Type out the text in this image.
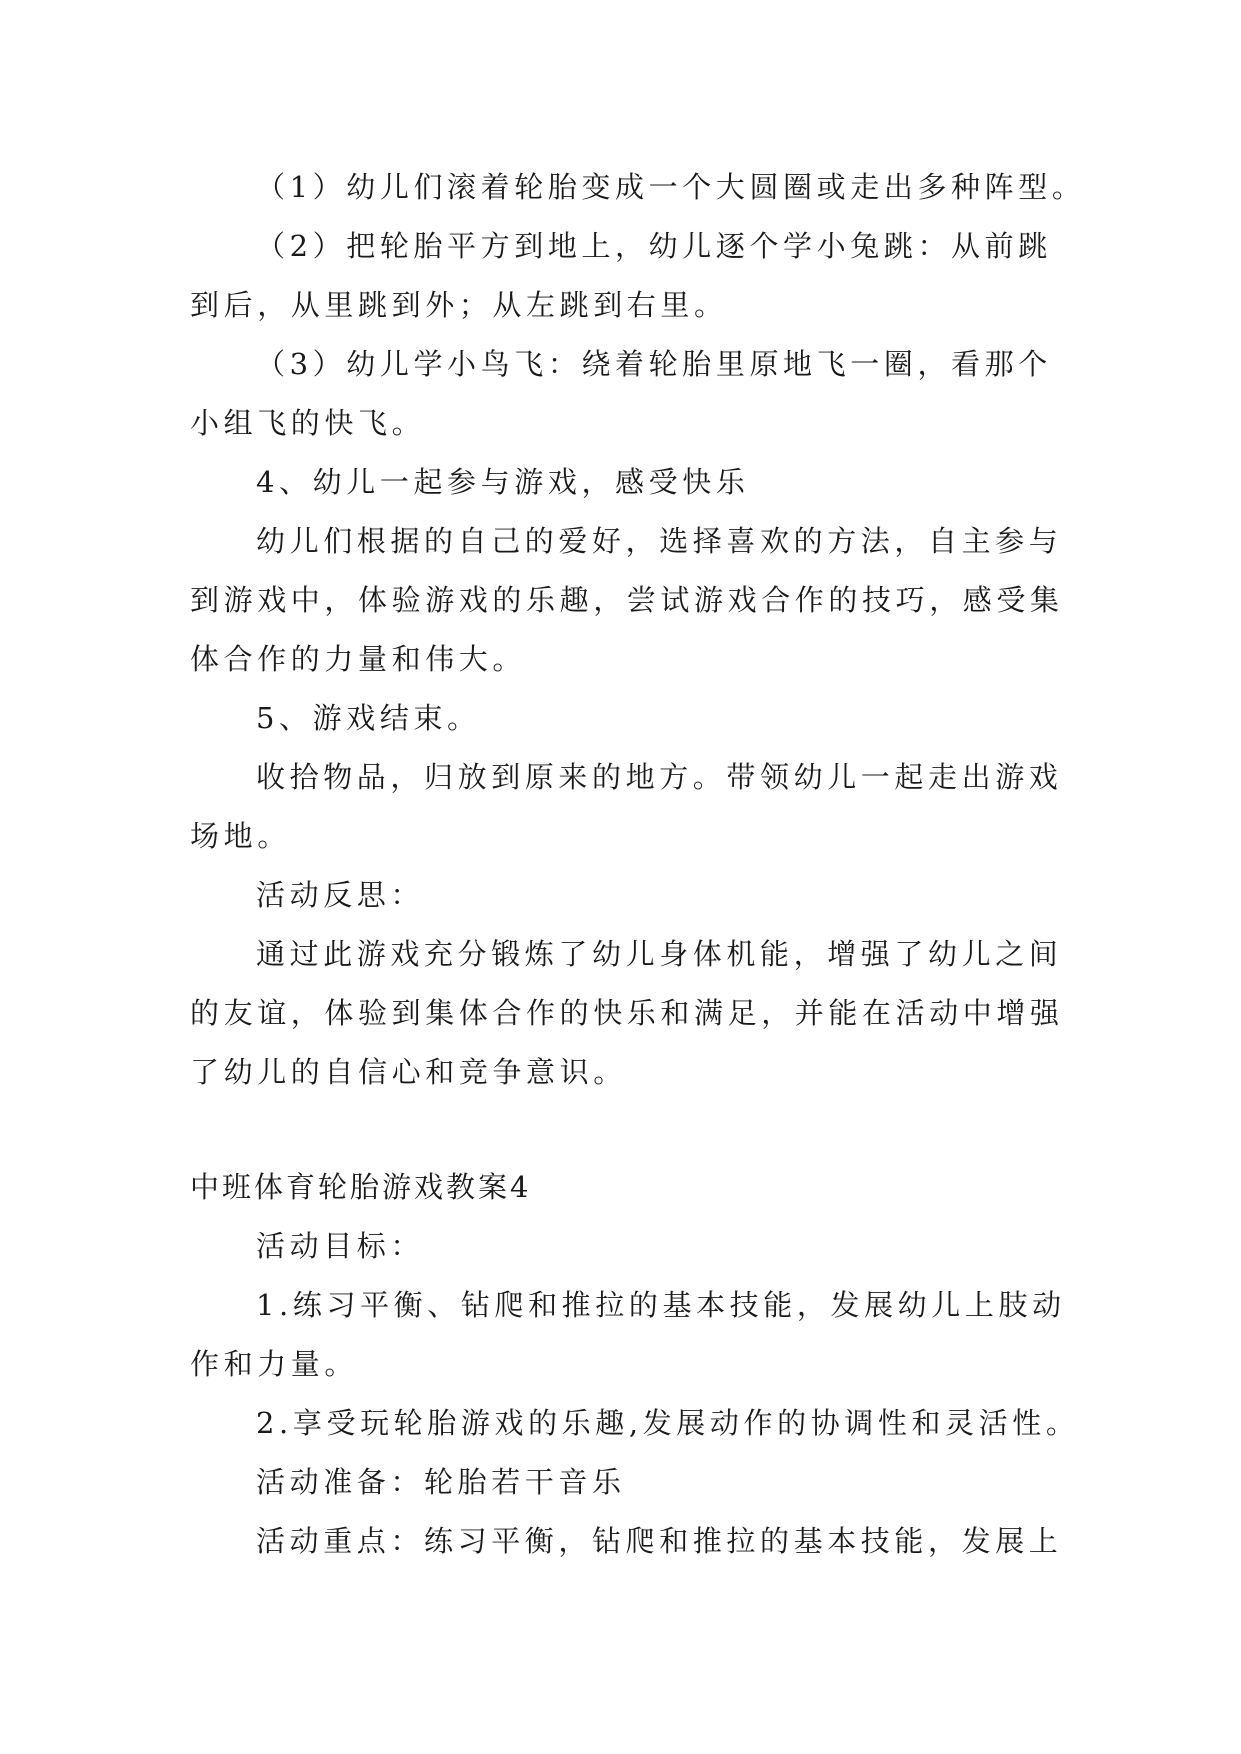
（1）幼儿们滚着轮胎变成一个大圆圈或走出多种阵型。
（2）把轮胎平方到地上，幼儿逐个学小兔跳：从前跳
到后，从里跳到外；从左跳到右里。
（3）幼儿学小鸟飞：绕着轮胎里原地飞一圈，看那个
小组飞的快飞。
4、幼儿一起参与游戏，感受快乐
幼儿们根据的自己的爱好，选择喜欢的方法，自主参与
到游戏中，体验游戏的乐趣，尝试游戏合作的技巧，感受集
体合作的力量和伟大。
5、游戏结束。
收拾物品，归放到原来的地方。带领幼儿一起走出游戏
场地。
活动反思：
通过此游戏充分锻炼了幼儿身体机能，增强了幼儿之间
的友谊，体验到集体合作的快乐和满足，并能在活动中增强
了幼儿的自信心和竞争意识。
中班体育轮胎游戏教案4
活动目标：
1.练习平衡、钻爬和推拉的基本技能，发展幼儿上肢动
作和力量。
2.享受玩轮胎游戏的乐趣,发展动作的协调性和灵活性。
活动准备：轮胎若干音乐
活动重点：练习平衡，钻爬和推拉的基本技能，发展上
